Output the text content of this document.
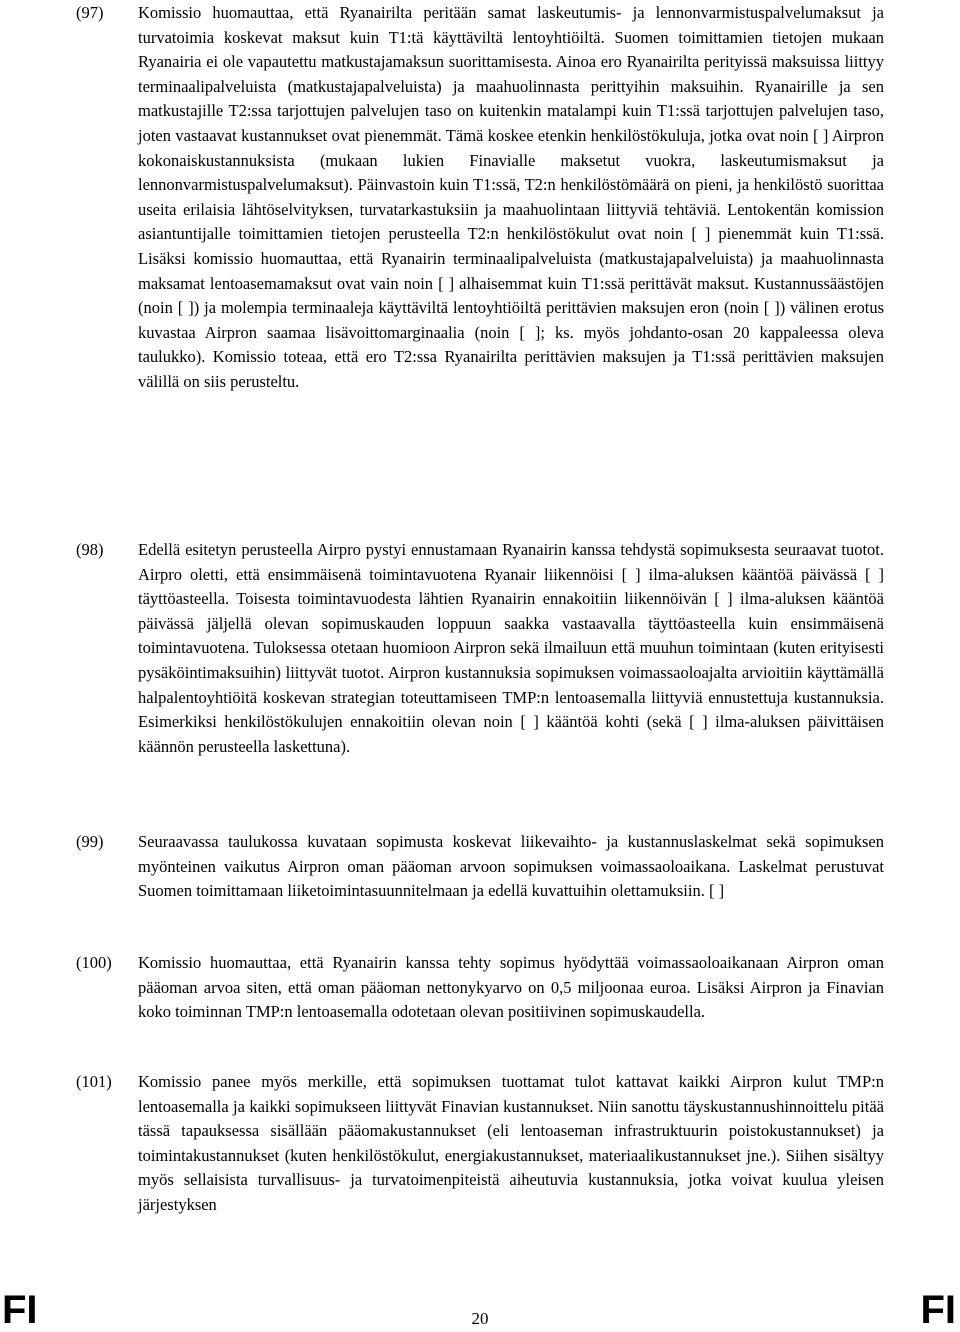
(97)	Komissio huomauttaa, että Ryanairilta peritään samat laskeutumis- ja lennonvarmistuspalvelumaksut ja turvatoimia koskevat maksut kuin T1:tä käyttäviltä lentoyhtiöiltä. Suomen toimittamien tietojen mukaan Ryanairia ei ole vapautettu matkustajamaksun suorittamisesta. Ainoa ero Ryanairilta perityissä maksuissa liittyy terminaalipalveluista (matkustajapalveluista) ja maahuolinnasta perittyihin maksuihin. Ryanairille ja sen matkustajille T2:ssa tarjottujen palvelujen taso on kuitenkin matalampi kuin T1:ssä tarjottujen palvelujen taso, joten vastaavat kustannukset ovat pienemmät. Tämä koskee etenkin henkilöstökuluja, jotka ovat noin [ ] Airpron kokonaiskustannuksista (mukaan lukien Finavialle maksetut vuokra, laskeutumismaksut ja lennonvarmistuspalvelumaksut). Päinvastoin kuin T1:ssä, T2:n henkilöstömäärä on pieni, ja henkilöstö suorittaa useita erilaisia lähtöselvityksen, turvatarkastuksiin ja maahuolintaan liittyviä tehtäviä. Lentokentän komission asiantuntijalle toimittamien tietojen perusteella T2:n henkilöstökulut ovat noin [ ] pienemmät kuin T1:ssä. Lisäksi komissio huomauttaa, että Ryanairin terminaalipalveluista (matkustajapalveluista) ja maahuolinnasta maksamat lentoasemamaksut ovat vain noin [ ] alhaisemmat kuin T1:ssä perittävät maksut. Kustannussäästöjen (noin [ ]) ja molempia terminaaleja käyttäviltä lentoyhtiöiltä perittävien maksujen eron (noin [ ]) välinen erotus kuvastaa Airpron saamaa lisävoittomarginaalia (noin [ ]; ks. myös johdanto-osan 20 kappaleessa oleva taulukko). Komissio toteaa, että ero T2:ssa Ryanairilta perittävien maksujen ja T1:ssä perittävien maksujen välillä on siis perusteltu.
(98)	Edellä esitetyn perusteella Airpro pystyi ennustamaan Ryanairin kanssa tehdystä sopimuksesta seuraavat tuotot. Airpro oletti, että ensimmäisenä toimintavuotena Ryanair liikennöisi [ ] ilma-aluksen kääntöä päivässä [ ] täyttöasteella. Toisesta toimintavuodesta lähtien Ryanairin ennakoitiin liikennöivän [ ] ilma-aluksen kääntöä päivässä jäljellä olevan sopimuskauden loppuun saakka vastaavalla täyttöasteella kuin ensimmäisenä toimintavuotena. Tuloksessa otetaan huomioon Airpron sekä ilmailuun että muuhun toimintaan (kuten erityisesti pysäköintimaksuihin) liittyvät tuotot. Airpron kustannuksia sopimuksen voimassaoloajalta arvioitiin käyttämällä halpalentoyhtiöitä koskevan strategian toteuttamiseen TMP:n lentoasemalla liittyviä ennustettuja kustannuksia. Esimerkiksi henkilöstökulujen ennakoitiin olevan noin [ ] kääntöä kohti (sekä [ ] ilma-aluksen päivittäisen käännön perusteella laskettuna).
(99)	Seuraavassa taulukossa kuvataan sopimusta koskevat liikevaihto- ja kustannuslaskelmat sekä sopimuksen myönteinen vaikutus Airpron oman pääoman arvoon sopimuksen voimassaoloaikana. Laskelmat perustuvat Suomen toimittamaan liiketoimintasuunnitelmaan ja edellä kuvattuihin olettamuksiin. [ ]
(100)	Komissio huomauttaa, että Ryanairin kanssa tehty sopimus hyödyttää voimassaoloaikanaan Airpron oman pääoman arvoa siten, että oman pääoman nettonykyarvo on 0,5 miljoonaa euroa. Lisäksi Airpron ja Finavian koko toiminnan TMP:n lentoasemalla odotetaan olevan positiivinen sopimuskaudella.
(101)	Komissio panee myös merkille, että sopimuksen tuottamat tulot kattavat kaikki Airpron kulut TMP:n lentoasemalla ja kaikki sopimukseen liittyvät Finavian kustannukset. Niin sanottu täyskustannushinnoittelu pitää tässä tapauksessa sisällään pääomakustannukset (eli lentoaseman infrastruktuurin poistokustannukset) ja toimintakustannukset (kuten henkilöstökulut, energiakustannukset, materiaalikustannukset jne.). Siihen sisältyy myös sellaisista turvallisuus- ja turvatoimenpiteistä aiheutuvia kustannuksia, jotka voivat kuulua yleisen järjestyksen
FI	20	FI
